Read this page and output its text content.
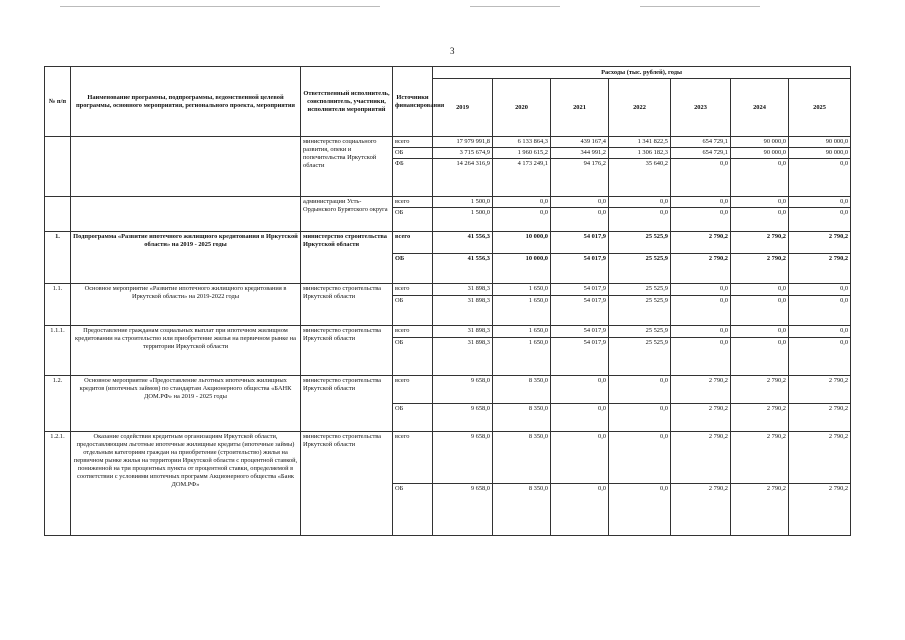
3
№ п/п	Наименование программы, подпрограммы, ведомственной целевой программы, основного мероприятия, регионального проекта, мероприятия	Ответственный исполнитель, соисполнитель, участники, исполнители мероприятий	Источники финансирования	Расходы (тыс. рублей), годы						
				2019	2020	2021	2022	2023	2024	2025
		министерство социального развития, опеки и попечительства Иркутской области	всего	17 979 991,8	6 133 864,3	439 167,4	1 341 822,5	654 729,1	90 000,0	90 000,0
			ОБ	3 715 674,9	1 960 615,2	344 991,2	1 306 182,3	654 729,1	90 000,0	90 000,0
			ФБ	14 264 316,9	4 173 249,1	94 176,2	35 640,2	0,0	0,0	0,0
		администрации Усть-Ордынского Бурятского округа	всего	1 500,0	0,0	0,0	0,0	0,0	0,0	0,0
			ОБ	1 500,0	0,0	0,0	0,0	0,0	0,0	0,0
1.	Подпрограмма «Развитие ипотечного жилищного кредитования в Иркутской области» на 2019 - 2025 годы	министерство строительства Иркутской области	всего	41 556,3	10 000,0	54 017,9	25 525,9	2 790,2	2 790,2	2 790,2
			ОБ	41 556,3	10 000,0	54 017,9	25 525,9	2 790,2	2 790,2	2 790,2
1.1.	Основное мероприятие «Развитие ипотечного жилищного кредитования в Иркутской области» на 2019-2022 годы	министерство строительства Иркутской области	всего	31 898,3	1 650,0	54 017,9	25 525,9	0,0	0,0	0,0
			ОБ	31 898,3	1 650,0	54 017,9	25 525,9	0,0	0,0	0,0
1.1.1.	Предоставление гражданам социальных выплат при ипотечном жилищном кредитовании на строительство или приобретение жилья на первичном рынке на территории Иркутской области	министерство строительства Иркутской области	всего	31 898,3	1 650,0	54 017,9	25 525,9	0,0	0,0	0,0
			ОБ	31 898,3	1 650,0	54 017,9	25 525,9	0,0	0,0	0,0
1.2.	Основное мероприятие «Предоставление льготных ипотечных жилищных кредитов (ипотечных займов) по стандартам Акционерного общества «БАНК ДОМ.РФ» на 2019 - 2025 годы	министерство строительства Иркутской области	всего	9 658,0	8 350,0	0,0	0,0	2 790,2	2 790,2	2 790,2
			ОБ	9 658,0	8 350,0	0,0	0,0	2 790,2	2 790,2	2 790,2
1.2.1.	Оказание содействия кредитным организациям Иркутской области, предоставляющим льготные ипотечные жилищные кредиты (ипотечные займы) отдельным категориям граждан на приобретение (строительство) жилья на первичном рынке жилья на территории Иркутской области с процентной ставкой, пониженной на три процентных пункта от процентной ставки, определяемой в соответствии с условиями ипотечных программ Акционерного общества «Банк ДОМ.РФ»	министерство строительства Иркутской области	всего	9 658,0	8 350,0	0,0	0,0	2 790,2	2 790,2	2 790,2
			ОБ	9 658,0	8 350,0	0,0	0,0	2 790,2	2 790,2	2 790,2
